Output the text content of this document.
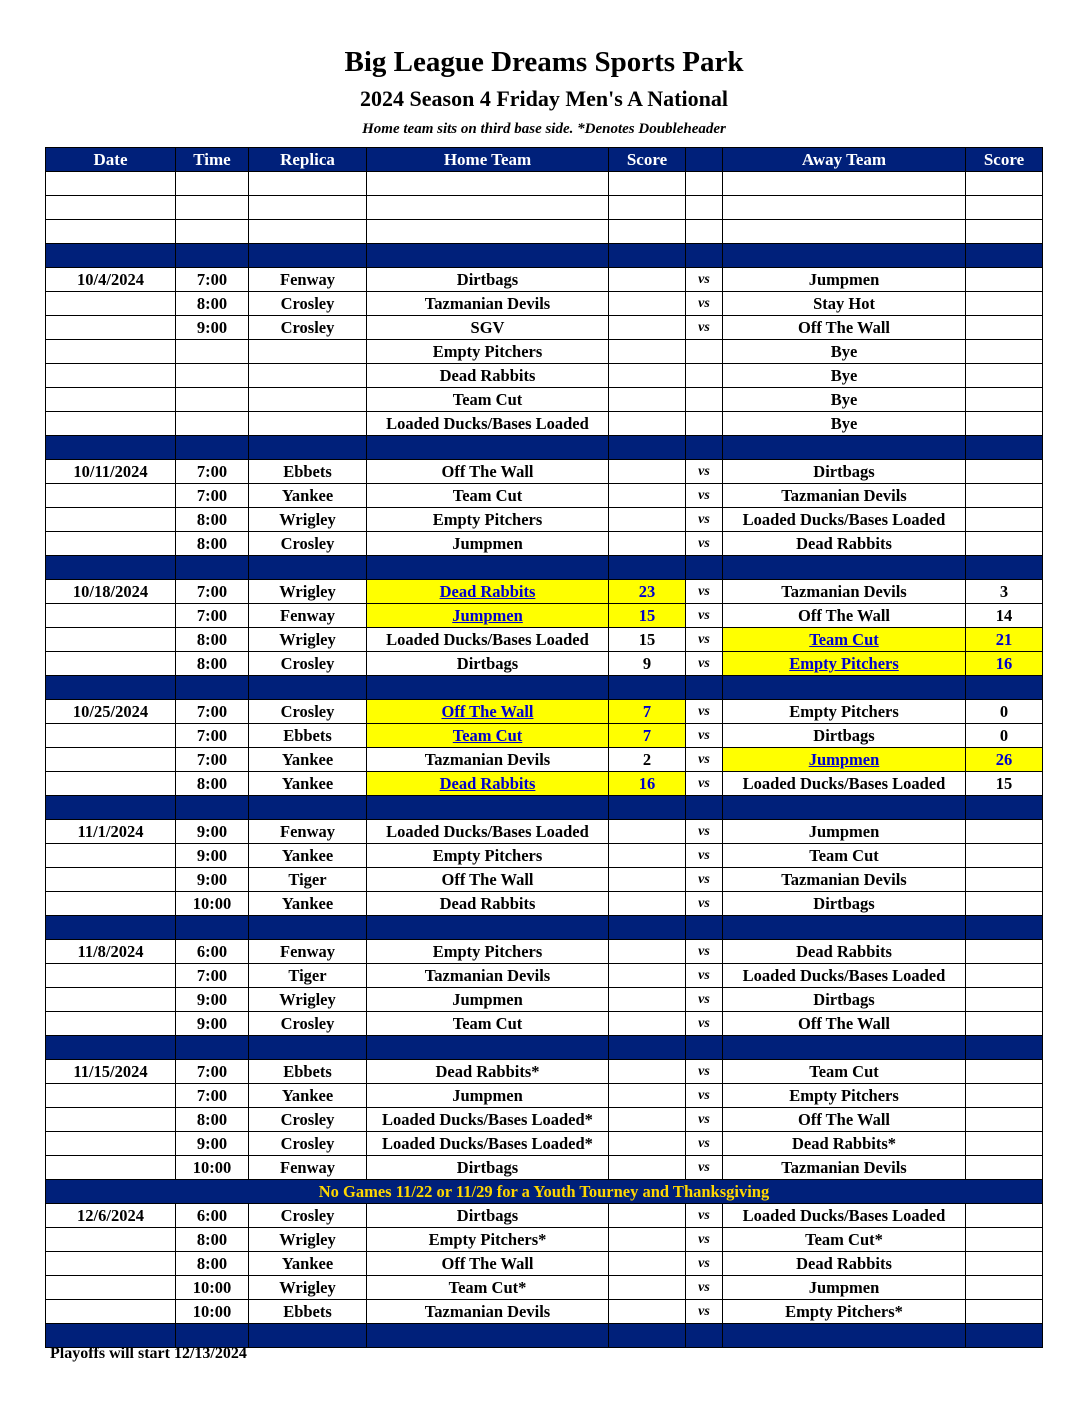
Big League Dreams Sports Park
2024 Season 4 Friday Men's A National
Home team sits on third base side. *Denotes Doubleheader
Date	Time	Replica	Home Team	Score		Away Team	Score

10/4/2024	7:00	Fenway	Dirtbags		vs	Jumpmen	
	8:00	Crosley	Tazmanian Devils		vs	Stay Hot	
	9:00	Crosley	SGV		vs	Off The Wall	
			Empty Pitchers			Bye	
			Dead Rabbits			Bye	
			Team Cut			Bye	
			Loaded Ducks/Bases Loaded			Bye	

10/11/2024	7:00	Ebbets	Off The Wall		vs	Dirtbags	
	7:00	Yankee	Team Cut		vs	Tazmanian Devils	
	8:00	Wrigley	Empty Pitchers		vs	Loaded Ducks/Bases Loaded	
	8:00	Crosley	Jumpmen		vs	Dead Rabbits	

10/18/2024	7:00	Wrigley	Dead Rabbits	23	vs	Tazmanian Devils	3
	7:00	Fenway	Jumpmen	15	vs	Off The Wall	14
	8:00	Wrigley	Loaded Ducks/Bases Loaded	15	vs	Team Cut	21
	8:00	Crosley	Dirtbags	9	vs	Empty Pitchers	16

10/25/2024	7:00	Crosley	Off The Wall	7	vs	Empty Pitchers	0
	7:00	Ebbets	Team Cut	7	vs	Dirtbags	0
	7:00	Yankee	Tazmanian Devils	2	vs	Jumpmen	26
	8:00	Yankee	Dead Rabbits	16	vs	Loaded Ducks/Bases Loaded	15

11/1/2024	9:00	Fenway	Loaded Ducks/Bases Loaded		vs	Jumpmen	
	9:00	Yankee	Empty Pitchers		vs	Team Cut	
	9:00	Tiger	Off The Wall		vs	Tazmanian Devils	
	10:00	Yankee	Dead Rabbits		vs	Dirtbags	

11/8/2024	6:00	Fenway	Empty Pitchers		vs	Dead Rabbits	
	7:00	Tiger	Tazmanian Devils		vs	Loaded Ducks/Bases Loaded	
	9:00	Wrigley	Jumpmen		vs	Dirtbags	
	9:00	Crosley	Team Cut		vs	Off The Wall	

11/15/2024	7:00	Ebbets	Dead Rabbits*		vs	Team Cut	
	7:00	Yankee	Jumpmen		vs	Empty Pitchers	
	8:00	Crosley	Loaded Ducks/Bases Loaded*		vs	Off The Wall	
	9:00	Crosley	Loaded Ducks/Bases Loaded*		vs	Dead Rabbits*	
	10:00	Fenway	Dirtbags		vs	Tazmanian Devils	
No Games 11/22 or 11/29 for a Youth Tourney and Thanksgiving							
12/6/2024	6:00	Crosley	Dirtbags		vs	Loaded Ducks/Bases Loaded	
	8:00	Wrigley	Empty Pitchers*		vs	Team Cut*	
	8:00	Yankee	Off The Wall		vs	Dead Rabbits	
	10:00	Wrigley	Team Cut*		vs	Jumpmen	
	10:00	Ebbets	Tazmanian Devils		vs	Empty Pitchers*	

Playoffs will start 12/13/2024
